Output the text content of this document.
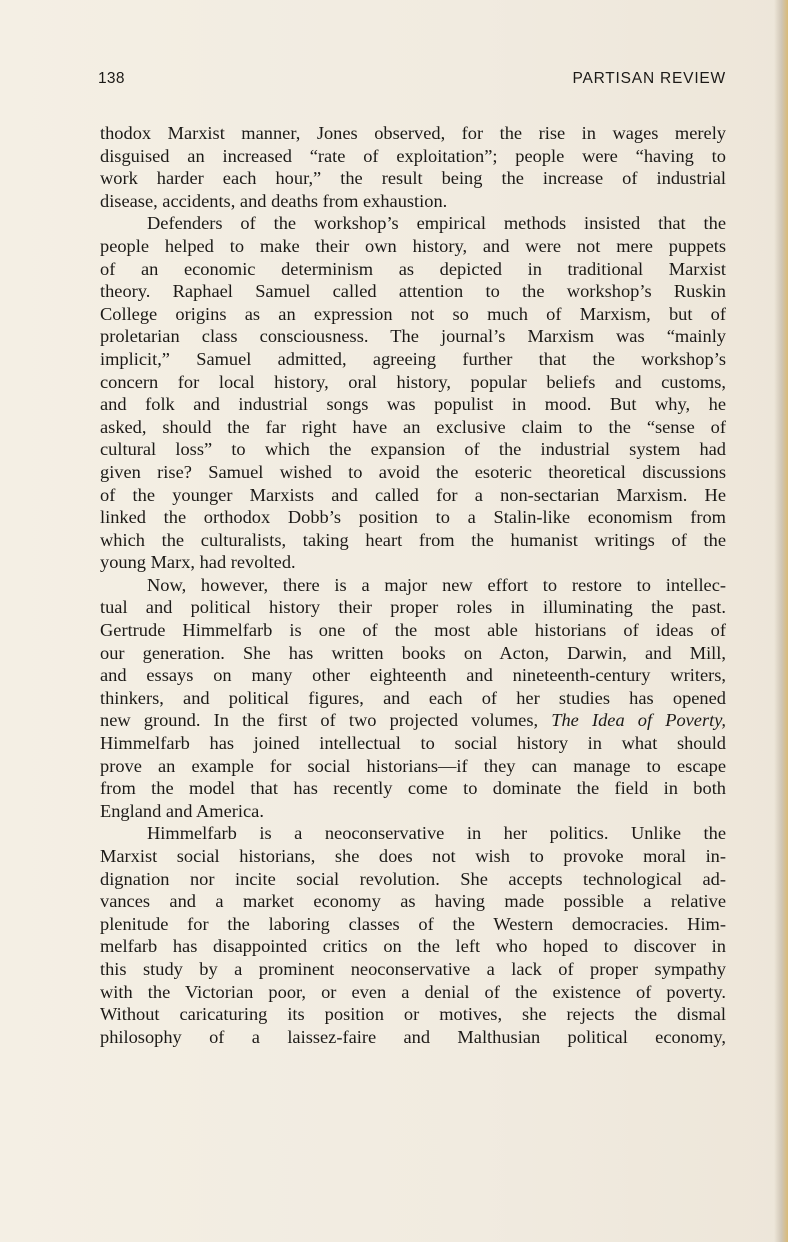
138	PARTISAN REVIEW
thodox Marxist manner, Jones observed, for the rise in wages merely
disguised an increased “rate of exploitation”; people were “having to
work harder each hour,” the result being the increase of industrial
disease, accidents, and deaths from exhaustion.
Defenders of the workshop’s empirical methods insisted that the
people helped to make their own history, and were not mere puppets
of an economic determinism as depicted in traditional Marxist
theory. Raphael Samuel called attention to the workshop’s Ruskin
College origins as an expression not so much of Marxism, but of
proletarian class consciousness. The journal’s Marxism was “mainly
implicit,” Samuel admitted, agreeing further that the workshop’s
concern for local history, oral history, popular beliefs and customs,
and folk and industrial songs was populist in mood. But why, he
asked, should the far right have an exclusive claim to the “sense of
cultural loss” to which the expansion of the industrial system had
given rise? Samuel wished to avoid the esoteric theoretical discussions
of the younger Marxists and called for a non-sectarian Marxism. He
linked the orthodox Dobb’s position to a Stalin-like economism from
which the culturalists, taking heart from the humanist writings of the
young Marx, had revolted.
Now, however, there is a major new effort to restore to intellec-
tual and political history their proper roles in illuminating the past.
Gertrude Himmelfarb is one of the most able historians of ideas of
our generation. She has written books on Acton, Darwin, and Mill,
and essays on many other eighteenth and nineteenth-century writers,
thinkers, and political figures, and each of her studies has opened
new ground. In the first of two projected volumes, The Idea of Poverty,
Himmelfarb has joined intellectual to social history in what should
prove an example for social historians—if they can manage to escape
from the model that has recently come to dominate the field in both
England and America.
Himmelfarb is a neoconservative in her politics. Unlike the
Marxist social historians, she does not wish to provoke moral in-
dignation nor incite social revolution. She accepts technological ad-
vances and a market economy as having made possible a relative
plenitude for the laboring classes of the Western democracies. Him-
melfarb has disappointed critics on the left who hoped to discover in
this study by a prominent neoconservative a lack of proper sympathy
with the Victorian poor, or even a denial of the existence of poverty.
Without caricaturing its position or motives, she rejects the dismal
philosophy of a laissez-faire and Malthusian political economy,
